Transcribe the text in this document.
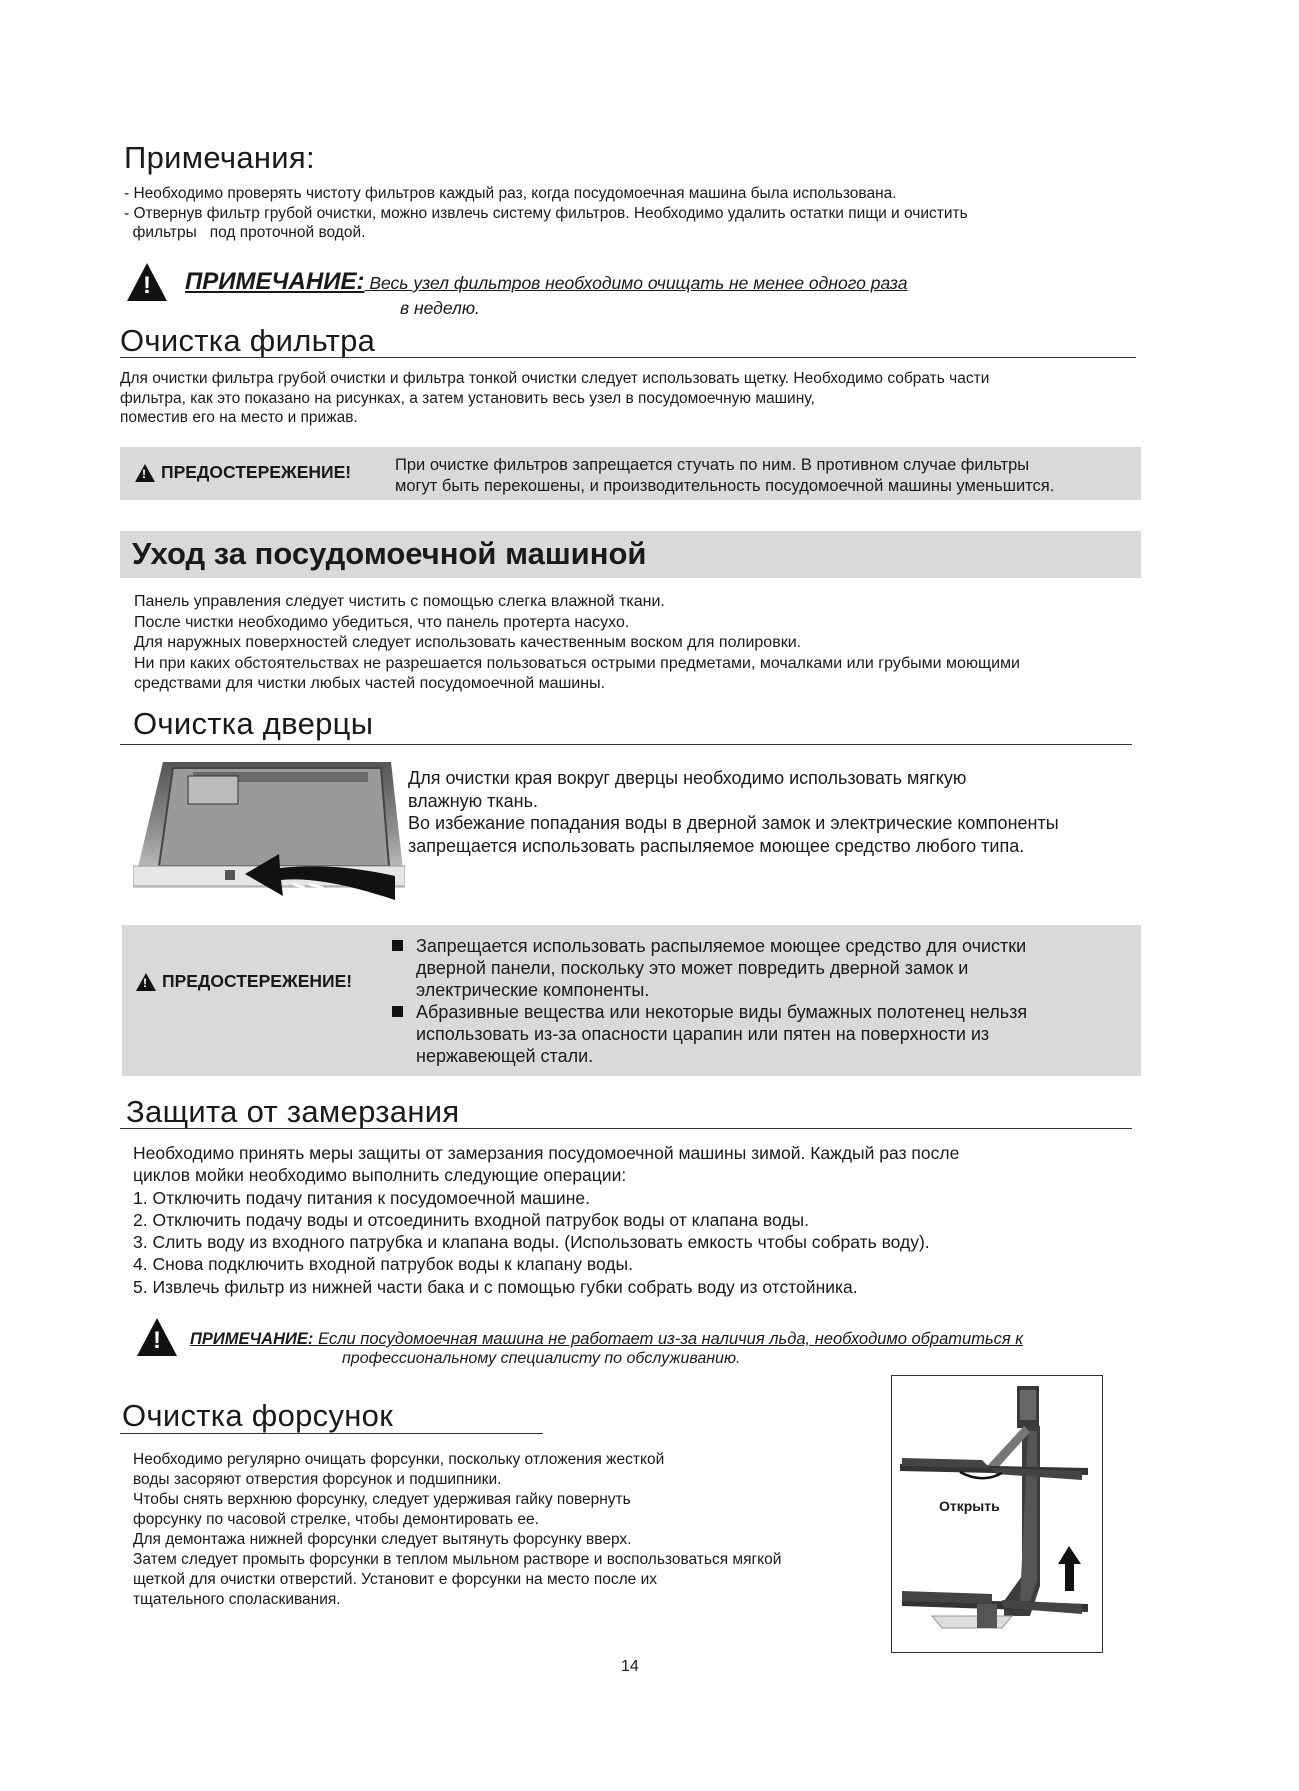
Примечания:
- Необходимо проверять чистоту фильтров каждый раз, когда посудомоечная машина была использована.
- Отвернув фильтр грубой очистки, можно извлечь систему фильтров. Необходимо удалить остатки пищи и очистить
фильтры   под проточной водой.
! ПРИМЕЧАНИЕ: Весь узел фильтров необходимо очищать не менее одного раза
в неделю.
Очистка фильтра
Для очистки фильтра грубой очистки и фильтра тонкой очистки следует использовать щетку. Необходимо собрать части
фильтра, как это показано на рисунках, а затем установить весь узел в посудомоечную машину,
поместив его на место и прижав.
!
ПРЕДОСТЕРЕЖЕНИЕ!	При очистке фильтров запрещается стучать по ним. В противном случае фильтры
могут быть перекошены, и производительность посудомоечной машины уменьшится.
Уход за посудомоечной машиной
Панель управления следует чистить с помощью слегка влажной ткани.
После чистки необходимо убедиться, что панель протерта насухо.
Для наружных поверхностей следует использовать качественным воском для полировки.
Ни при каких обстоятельствах не разрешается пользоваться острыми предметами, мочалками или грубыми моющими
средствами для чистки любых частей посудомоечной машины.
Очистка дверцы
Для очистки края вокруг дверцы необходимо использовать мягкую
влажную ткань.
Во избежание попадания воды в дверной замок и электрические компоненты
запрещается использовать распыляемое моющее средство любого типа.
!
ПРЕДОСТЕРЕЖЕНИЕ!
Запрещается использовать распыляемое моющее средство для очистки
дверной панели, поскольку это может повредить дверной замок и
электрические компоненты.
Абразивные вещества или некоторые виды бумажных полотенец нельзя
использовать из-за опасности царапин или пятен на поверхности из
нержавеющей стали.
Защита от замерзания
Необходимо принять меры защиты от замерзания посудомоечной машины зимой. Каждый раз после
циклов мойки необходимо выполнить следующие операции:
1. Отключить подачу питания к посудомоечной машине.
2. Отключить подачу воды и отсоединить входной патрубок воды от клапана воды.
3. Слить воду из входного патрубка и клапана воды. (Использовать емкость чтобы собрать воду).
4. Снова подключить входной патрубок воды к клапану воды.
5. Извлечь фильтр из нижней части бака и с помощью губки собрать воду из отстойника.
! ПРИМЕЧАНИЕ: Если посудомоечная машина не работает из-за наличия льда, необходимо обратиться к
профессиональному специалисту по обслуживанию.
Очистка форсунок
Необходимо регулярно очищать форсунки, поскольку отложения жесткой
воды засоряют отверстия форсунок и подшипники.
Чтобы снять верхнюю форсунку, следует удерживая гайку повернуть
форсунку по часовой стрелке, чтобы демонтировать ее.
Для демонтажа нижней форсунки следует вытянуть форсунку вверх.
Затем следует промыть форсунки в теплом мыльном растворе и воспользоваться мягкой
щеткой для очистки отверстий. Установит е форсунки на место после их
тщательного споласкивания.
Открыть
14
